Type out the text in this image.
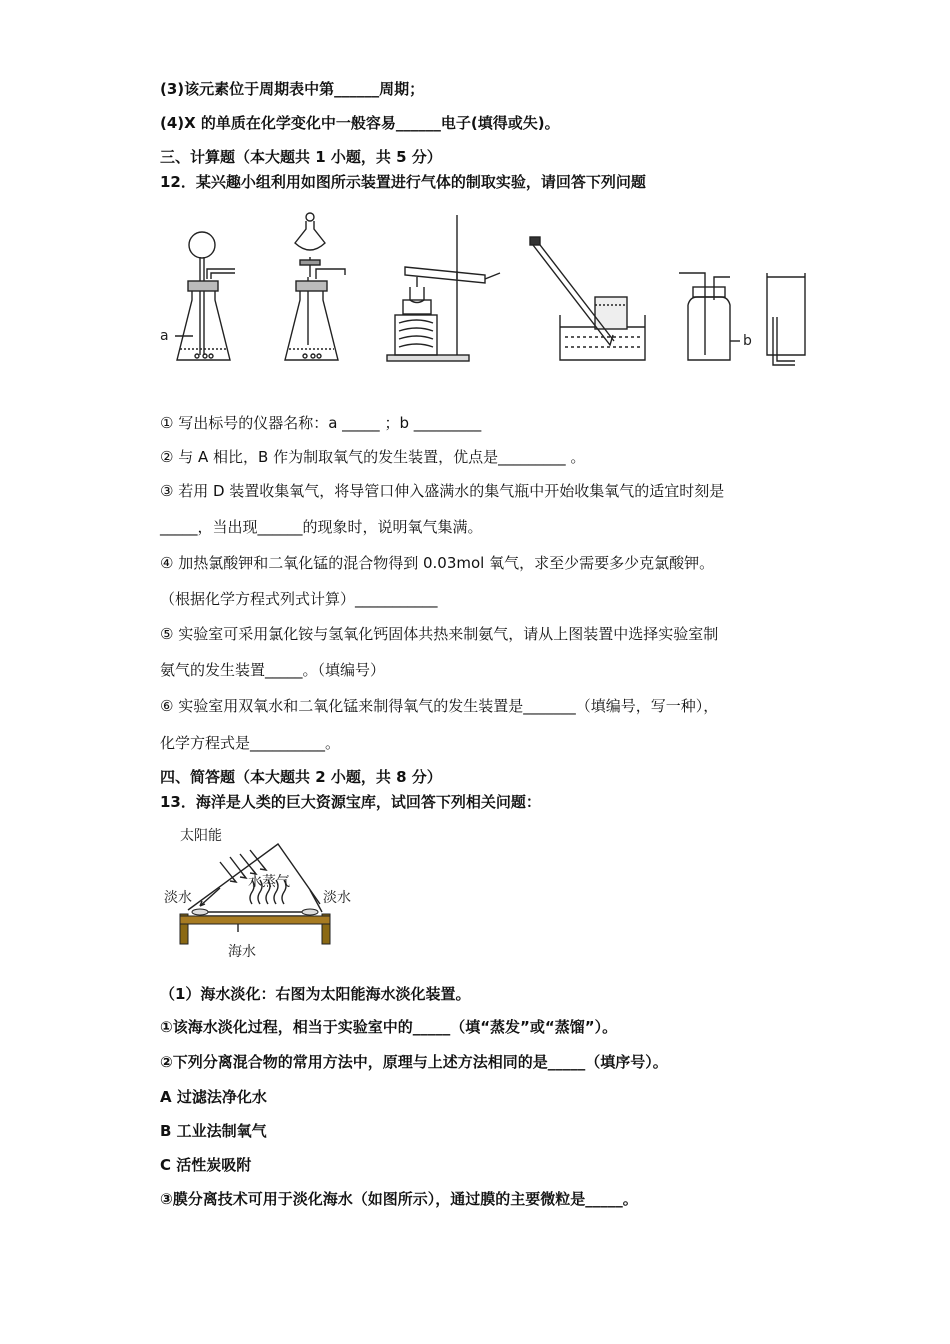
(3)该元素位于周期表中第______周期；
(4)X 的单质在化学变化中一般容易______电子(填得或失)。
三、计算题（本大题共 1 小题，共 5 分）
12．某兴趣小组利用如图所示装置进行气体的制取实验，请回答下列问题
a	b
① 写出标号的仪器名称：a _____ ；b _________
② 与 A 相比，B 作为制取氧气的发生装置，优点是_________ 。
③ 若用 D 装置收集氧气，将导管口伸入盛满水的集气瓶中开始收集氧气的适宜时刻是
_____，当出现______的现象时，说明氧气集满。
④ 加热氯酸钾和二氧化锰的混合物得到 0.03mol 氧气，求至少需要多少克氯酸钾。
（根据化学方程式列式计算）___________
⑤ 实验室可采用氯化铵与氢氧化钙固体共热来制氨气，请从上图装置中选择实验室制
氨气的发生装置_____。（填编号）
⑥ 实验室用双氧水和二氧化锰来制得氧气的发生装置是_______（填编号，写一种），
化学方程式是__________。
四、简答题（本大题共 2 小题，共 8 分）
13．海洋是人类的巨大资源宝库，试回答下列相关问题：
太阳能
水蒸气
淡水	淡水
海水
（1）海水淡化：右图为太阳能海水淡化装置。
①该海水淡化过程，相当于实验室中的_____（填“蒸发”或“蒸馏”）。
②下列分离混合物的常用方法中，原理与上述方法相同的是_____（填序号）。
A 过滤法净化水
B 工业法制氧气
C 活性炭吸附
③膜分离技术可用于淡化海水（如图所示），通过膜的主要微粒是_____。
